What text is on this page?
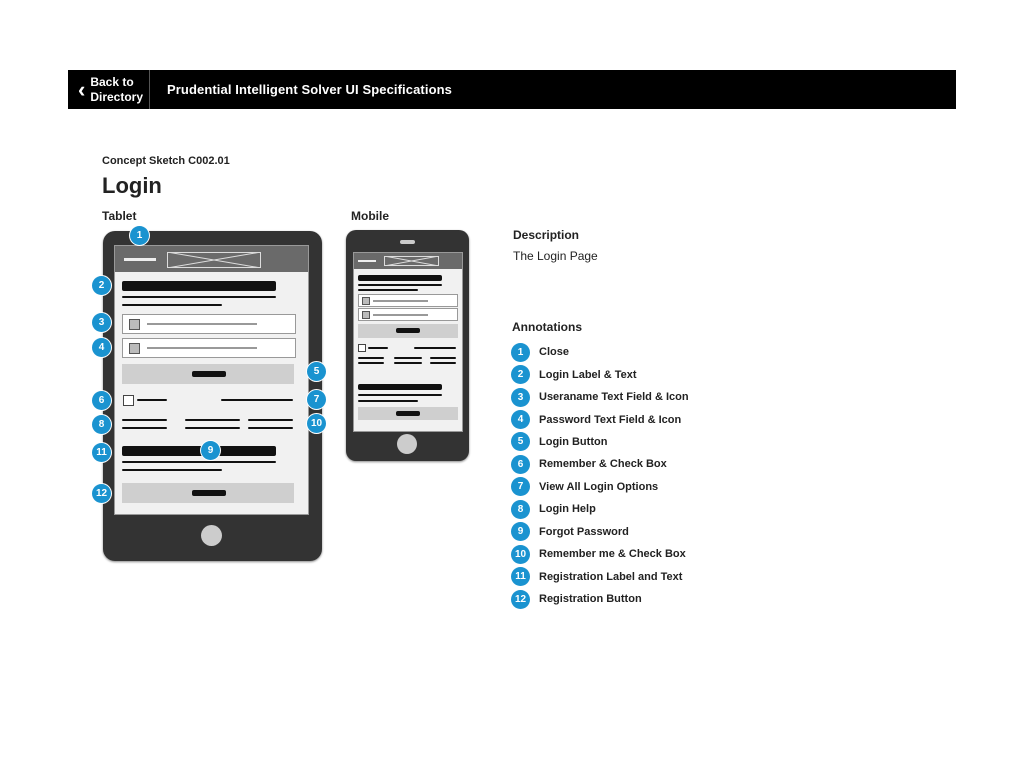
‹ Back to
Directory Prudential Intelligent Solver UI Specifications
Concept Sketch C002.01
Login
Tablet	Mobile
1
2
3
4
5
6	7
8	10
11	9
12
Description
The Login Page
Annotations
1	Close
2	Login Label & Text
3	Useraname Text Field & Icon
4	Password Text Field & Icon
5	Login Button
6	Remember & Check Box
7	View All Login Options
8	Login Help
9	Forgot Password
10	Remember me & Check Box
11	Registration Label and Text
12	Registration Button
